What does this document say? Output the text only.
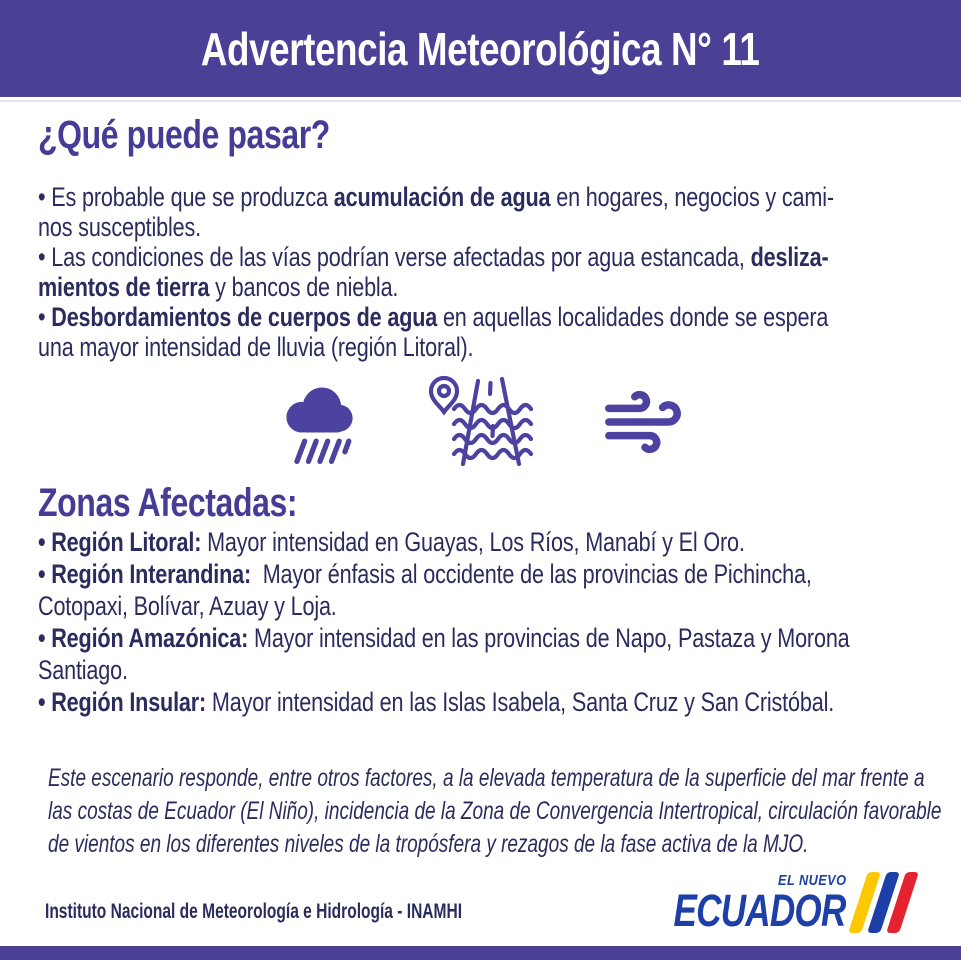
Advertencia Meteorológica N° 11
¿Qué puede pasar?
• Es probable que se produzca acumulación de agua en hogares, negocios y cami-
nos susceptibles.
• Las condiciones de las vías podrían verse afectadas por agua estancada, desliza-
mientos de tierra y bancos de niebla.
• Desbordamientos de cuerpos de agua en aquellas localidades donde se espera
una mayor intensidad de lluvia (región Litoral).
Zonas Afectadas:
• Región Litoral: Mayor intensidad en Guayas, Los Ríos, Manabí y El Oro.
• Región Interandina:  Mayor énfasis al occidente de las provincias de Pichincha,
Cotopaxi, Bolívar, Azuay y Loja.
• Región Amazónica: Mayor intensidad en las provincias de Napo, Pastaza y Morona
Santiago.
• Región Insular: Mayor intensidad en las Islas Isabela, Santa Cruz y San Cristóbal.
Este escenario responde, entre otros factores, a la elevada temperatura de la superficie del mar frente a
las costas de Ecuador (El Niño), incidencia de la Zona de Convergencia Intertropical, circulación favorable
de vientos en los diferentes niveles de la tropósfera y rezagos de la fase activa de la MJO.

Instituto Nacional de Meteorología e Hidrología - INAMHI

EL NUEVO
ECUADOR
